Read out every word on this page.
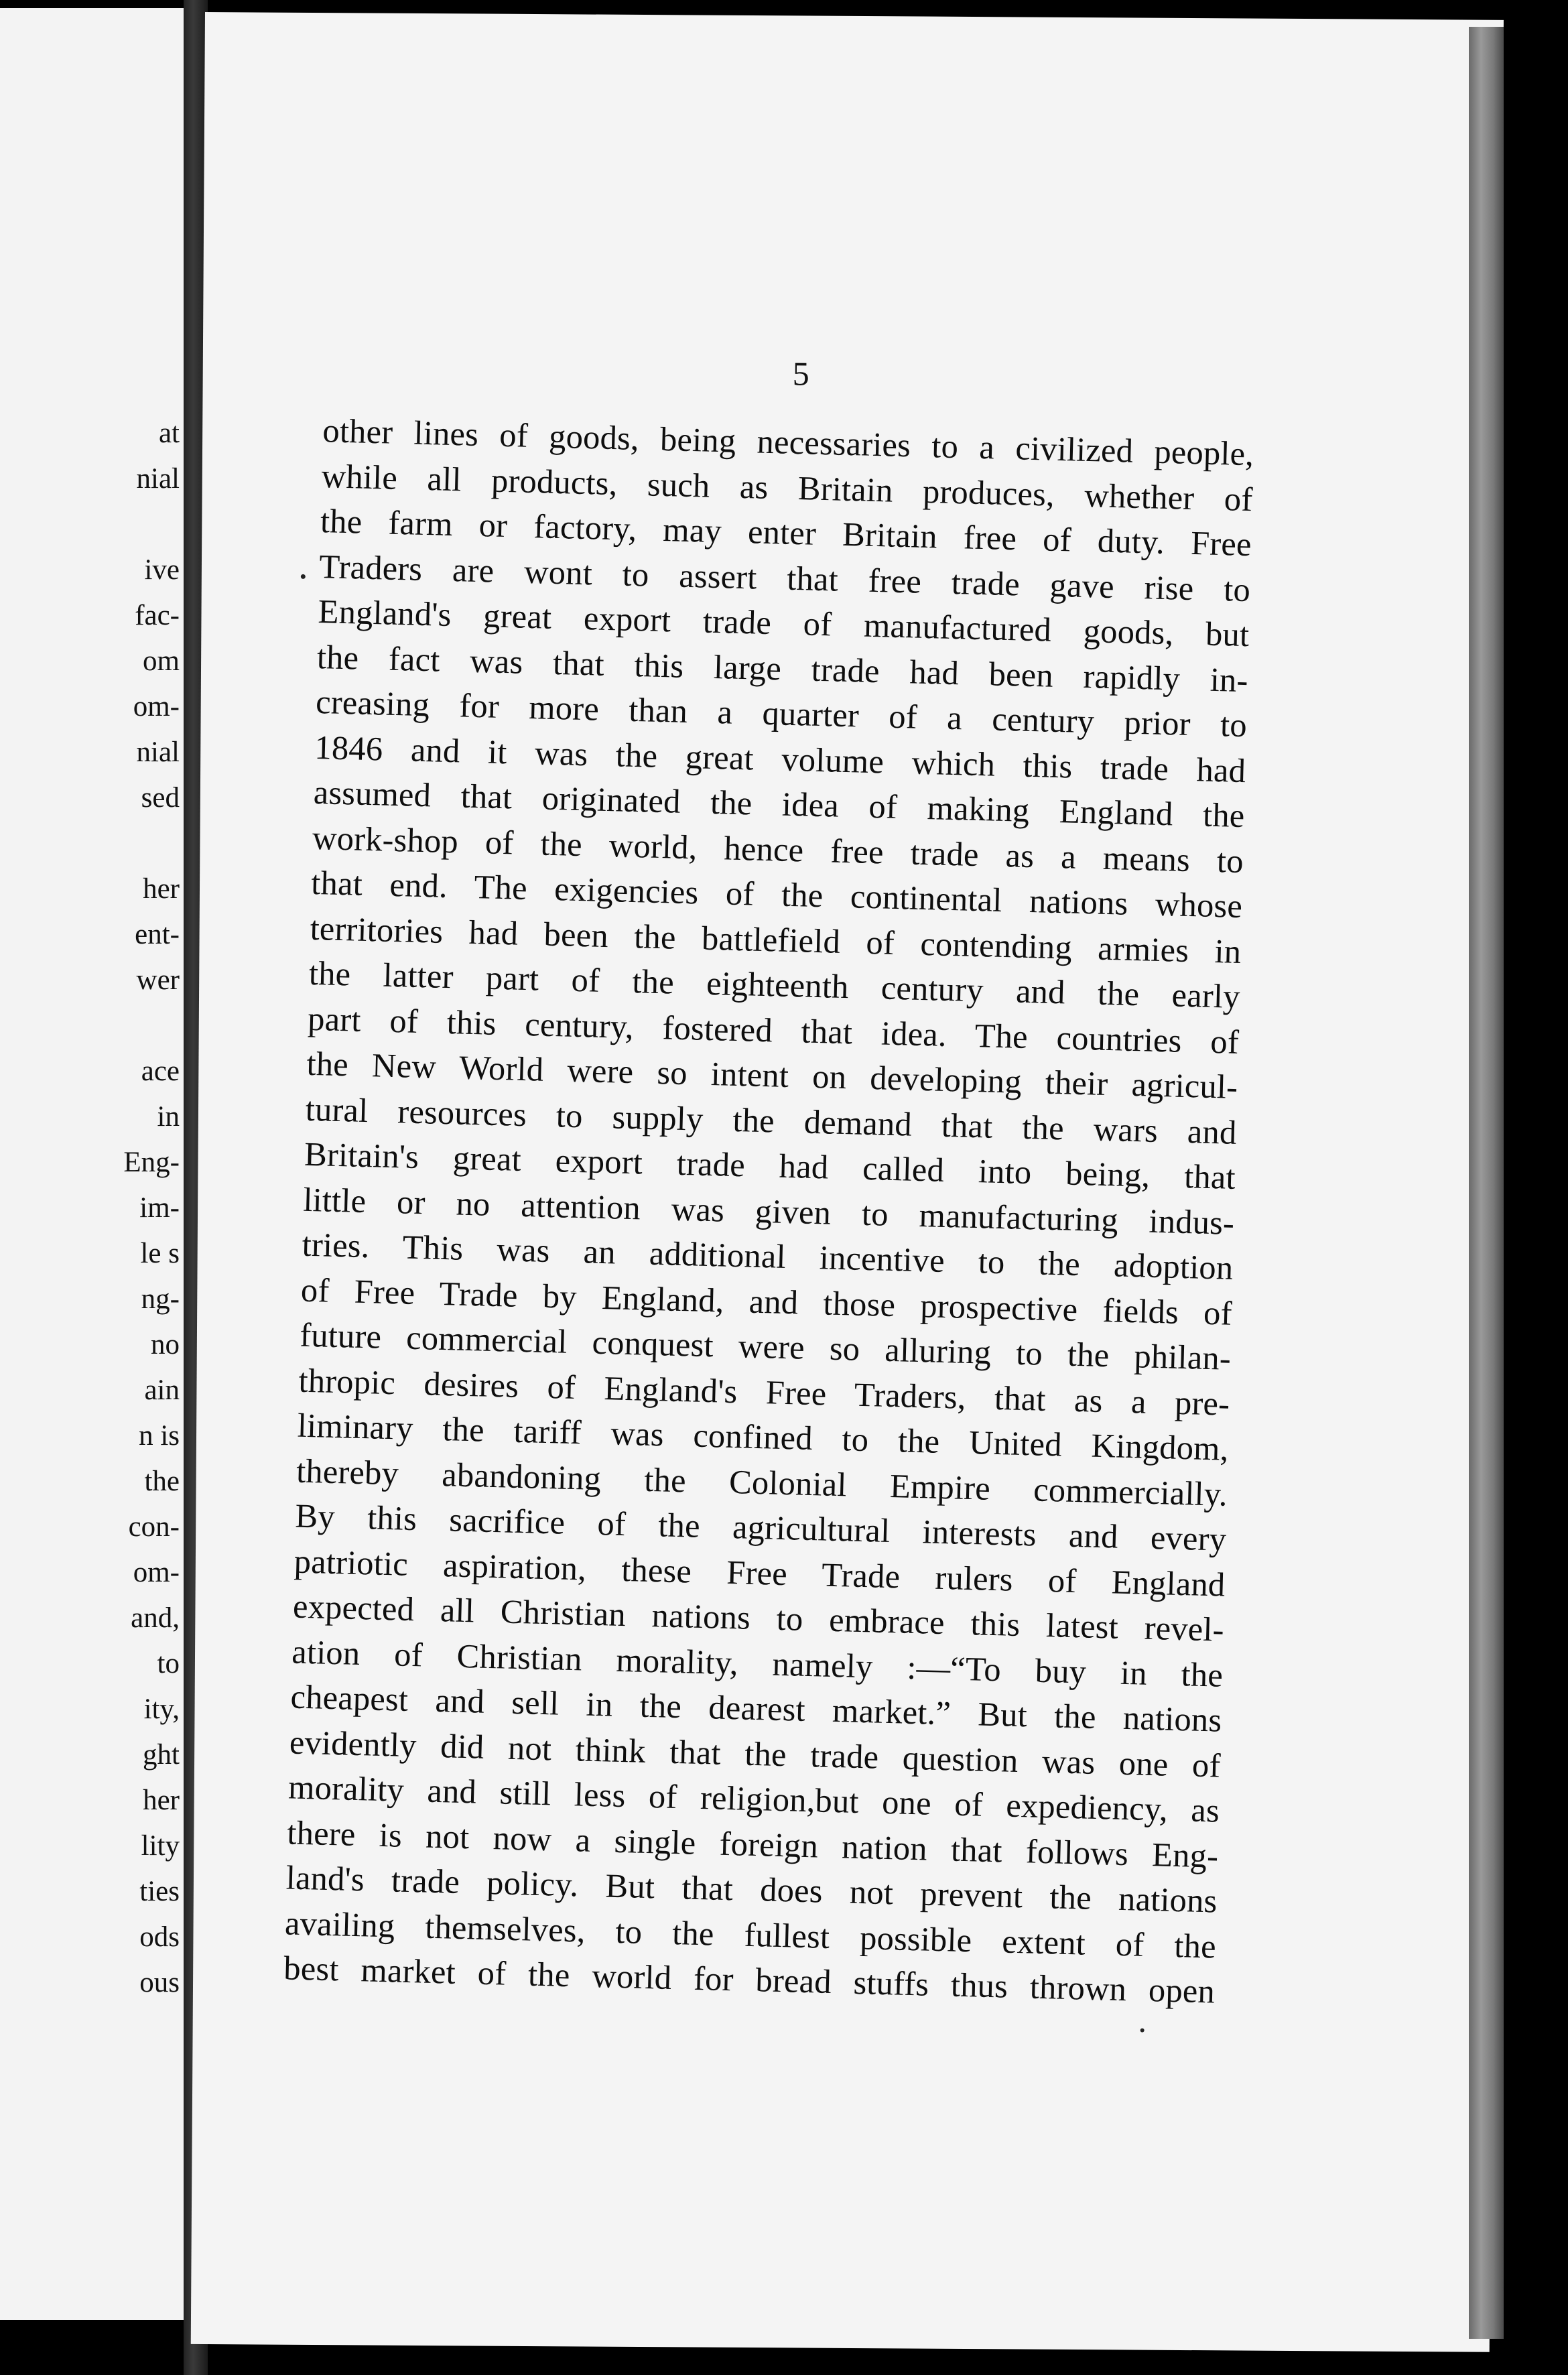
at
nial
ive
fac-
om
om-
nial
sed
her
ent-
wer
ace
in
Eng-
im-
le s
ng-
no
ain
n is
the
con-
om-
and,
to
ity,
ght
her
lity
ties
ods
ous
5
other lines of goods, being necessaries to a civilized people,
while all products, such as Britain produces, whether of
the farm or factory, may enter Britain free of duty. Free
Traders are wont to assert that free trade gave rise to
England's great export trade of manufactured goods, but
the fact was that this large trade had been rapidly in-
creasing for more than a quarter of a century prior to
1846 and it was the great volume which this trade had
assumed that originated the idea of making England the
work-shop of the world, hence free trade as a means to
that end. The exigencies of the continental nations whose
territories had been the battlefield of contending armies in
the latter part of the eighteenth century and the early
part of this century, fostered that idea. The countries of
the New World were so intent on developing their agricul-
tural resources to supply the demand that the wars and
Britain's great export trade had called into being, that
little or no attention was given to manufacturing indus-
tries. This was an additional incentive to the adoption
of Free Trade by England, and those prospective fields of
future commercial conquest were so alluring to the philan-
thropic desires of England's Free Traders, that as a pre-
liminary the tariff was confined to the United Kingdom,
thereby abandoning the Colonial Empire commercially.
By this sacrifice of the agricultural interests and every
patriotic aspiration, these Free Trade rulers of England
expected all Christian nations to embrace this latest revel-
ation of Christian morality, namely :—“To buy in the
cheapest and sell in the dearest market.” But the nations
evidently did not think that the trade question was one of
morality and still less of religion,but one of expediency, as
there is not now a single foreign nation that follows Eng-
land's trade policy. But that does not prevent the nations
availing themselves, to the fullest possible extent of the
best market of the world for bread stuffs thus thrown open
